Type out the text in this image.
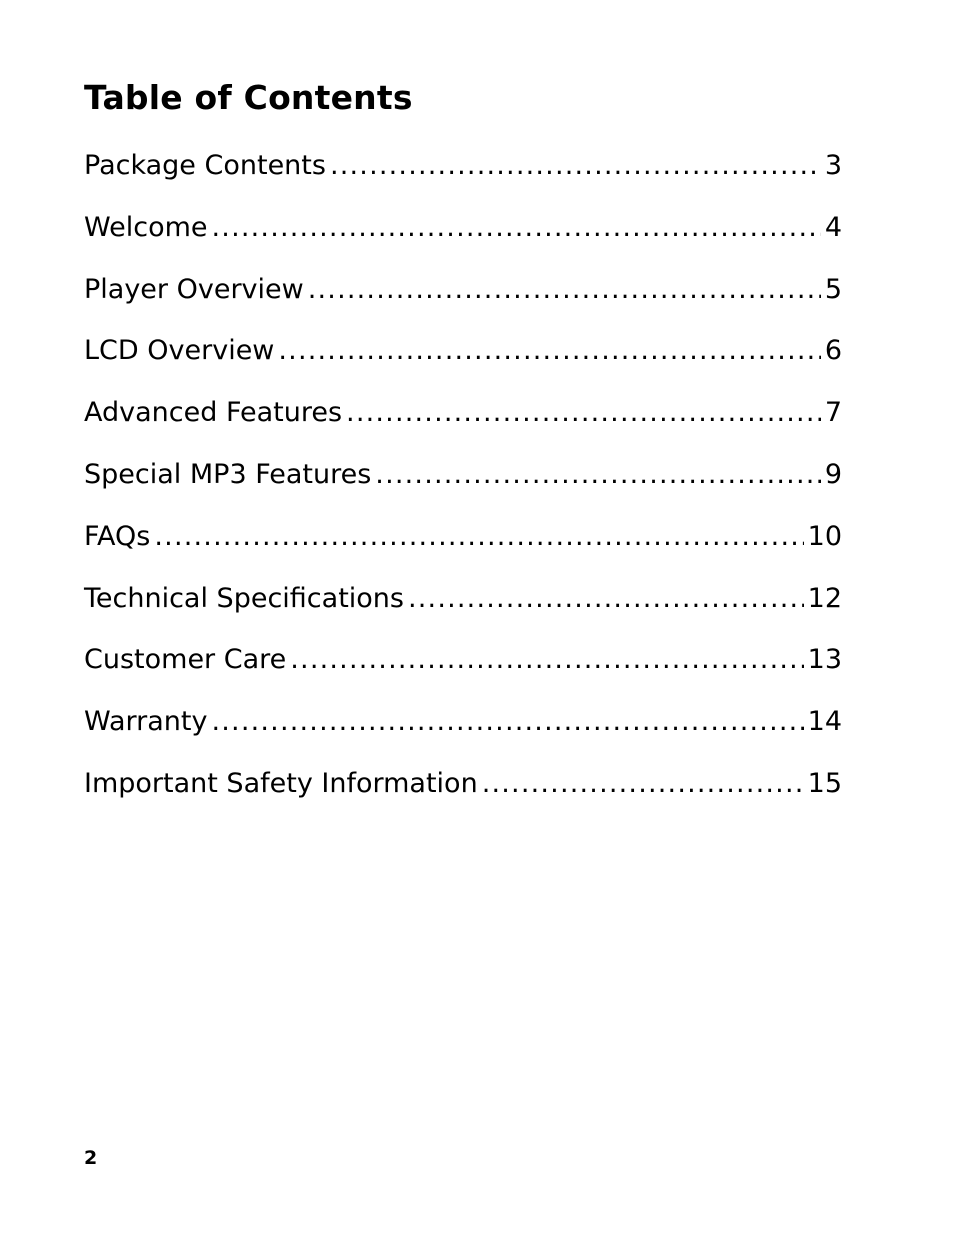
Table of Contents
Package Contents .....	3
Welcome .....	4
Player Overview .....	5
LCD Overview .....	6
Advanced Features .....	7
Special MP3 Features .....	9
FAQs .....	10
Technical Specifications .....	12
Customer Care .....	13
Warranty .....	14
Important Safety Information .....	15
2
